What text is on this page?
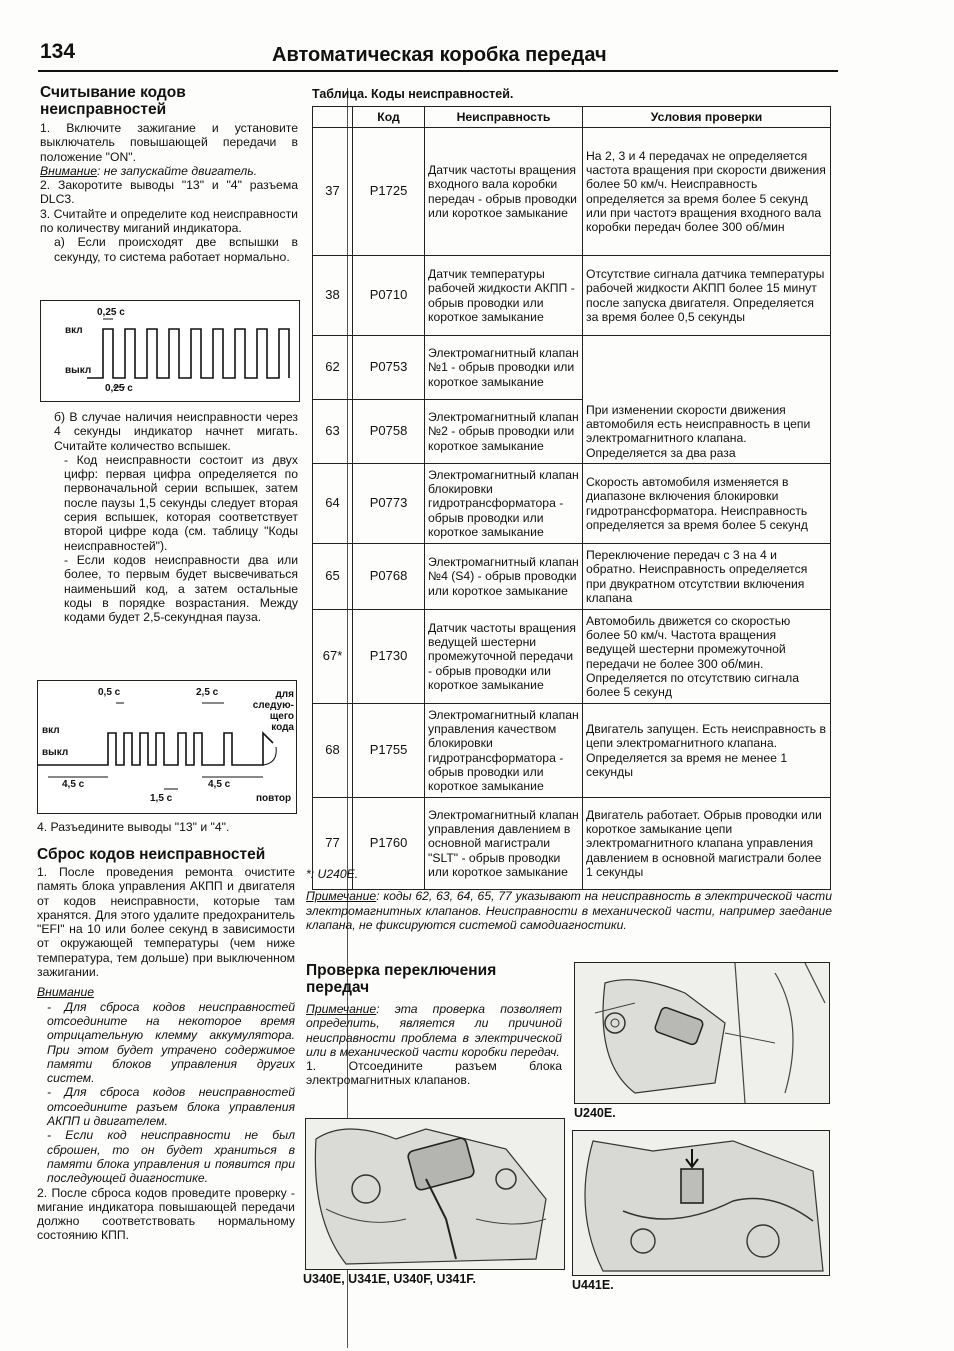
134	Автоматическая коробка передач

Считывание кодов неисправностей

1. Включите зажигание и установите выключатель повышающей передачи в положение "ON".

Внимание: не запускайте двигатель.

2. Закоротите выводы "13" и "4" разъема DLC3.

3. Считайте и определите код неисправности по количеству миганий индикатора.

а) Если происходят две вспышки в секунду, то система работает нормально.

0,25 с
вкл
выкл
0,25 с

б) В случае наличия неисправности через 4 секунды индикатор начнет мигать. Считайте количество вспышек.

- Код неисправности состоит из двух цифр: первая цифра определяется по первоначальной серии вспышек, затем после паузы 1,5 секунды следует вторая серия вспышек, которая соответствует второй цифре кода (см. таблицу "Коды неисправностей").

- Если кодов неисправности два или более, то первым будет высвечиваться наименьший код, а затем остальные коды в порядке возрастания. Между кодами будет 2,5-секундная пауза.

0,5 с	2,5 с	для следую-щего кода
вкл
выкл
4,5 с
1,5 с
4,5 с
повтор

4. Разъедините выводы "13" и "4".

Сброс кодов неисправностей

1. После проведения ремонта очистите память блока управления АКПП и двигателя от кодов неисправности, которые там хранятся. Для этого удалите предохранитель "EFI" на 10 или более секунд в зависимости от окружающей температуры (чем ниже температура, тем дольше) при выключенном зажигании.

Внимание

- Для сброса кодов неисправностей отсоедините на некоторое время отрицательную клемму аккумулятора. При этом будет утрачено содержимое памяти блоков управления других систем.

- Для сброса кодов неисправностей отсоедините разъем блока управления АКПП и двигателем.

- Если код неисправности не был сброшен, то он будет храниться в памяти блока управления и появится при последующей диагностике.

2. После сброса кодов проведите проверку - мигание индикатора повышающей передачи должно соответствовать нормальному состоянию КПП.

Таблица. Коды неисправностей.
	Код	Неисправность	Условия проверки
37	P1725	Датчик частоты вращения входного вала коробки передач - обрыв проводки или короткое замыкание	На 2, 3 и 4 передачах не определяется частота вращения при скорости движения более 50 км/ч. Неисправность определяется за время более 5 секунд или при частотэ вращения входного вала коробки передач более 300 об/мин
38	P0710	Датчик температуры рабочей жидкости АКПП - обрыв проводки или короткое замыкание	Отсутствие сигнала датчика температуры рабочей жидкости АКПП более 15 минут после запуска двигателя. Определяется за время более 0,5 секунды
62	P0753	Электромагнитный клапан №1 - обрыв проводки или короткое замыкание	
63	P0758	Электромагнитный клапан №2 - обрыв проводки или короткое замыкание	При изменении скорости движения автомобиля есть неисправность в цепи электромагнитного клапана. Определяется за два раза
64	P0773	Электромагнитный клапан блокировки гидротрансформатора - обрыв проводки или короткое замыкание	Скорость автомобиля изменяется в диапазоне включения блокировки гидротрансформатора. Неисправность определяется за время более 5 секунд
65	P0768	Электромагнитный клапан №4 (S4) - обрыв проводки или короткое замыкание	Переключение передач с 3 на 4 и обратно. Неисправность определяется при двукратном отсутствии включения клапана
67*	P1730	Датчик частоты вращения ведущей шестерни промежуточной передачи - обрыв проводки или короткое замыкание	Автомобиль движется со скоростью более 50 км/ч. Частота вращения ведущей шестерни промежуточной передачи не более 300 об/мин. Определяется по отсутствию сигнала более 5 секунд
68	P1755	Электромагнитный клапан управления качеством блокировки гидротрансформатора - обрыв проводки или короткое замыкание	Двигатель запущен. Есть неисправность в цепи электромагнитного клапана. Определяется за время не менее 1 секунды
77	P1760	Электромагнитный клапан управления давлением в основной магистрали "SLT" - обрыв проводки или короткое замыкание	Двигатель работает. Обрыв проводки или короткое замыкание цепи электромагнитного клапана управления давлением в основной магистрали более 1 секунды

*: U240E.

Примечание: коды 62, 63, 64, 65, 77 указывают на неисправность в электрической части электромагнитных клапанов. Неисправности в механической части, например заедание клапана, не фиксируются системой самодиагностики.

Проверка переключения передач

Примечание: эта проверка позволяет определить, является ли причиной неисправности проблема в электрической или в механической части коробки передач.

1. Отсоедините разъем блока электромагнитных клапанов.

U240E.
U340E, U341E, U340F, U341F.	U441E.
